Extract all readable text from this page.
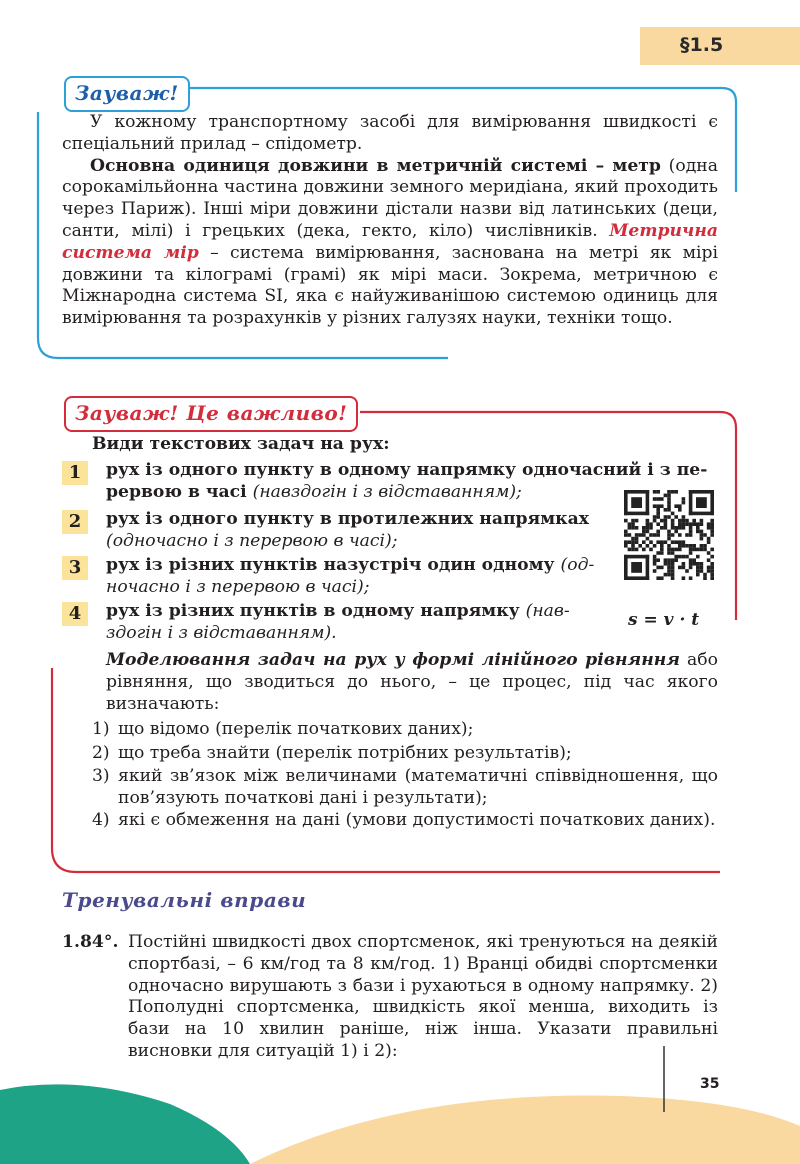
§1.5
Зауваж!

У кожному транспортному засобі для вимірювання швидкості є спеціальний прилад – спідометр.

Основна одиниця довжини в метричній системі – метр (одна сорокамільйонна частина довжини земного меридіана, який проходить через Париж). Інші міри довжини дістали назви від латинських (деци, санти, мілі) і грецьких (дека, гекто, кіло) числівників. Метрична система мір – система вимірювання, заснована на метрі як мірі довжини та кілограмі (грамі) як мірі маси. Зокрема, метричною є Міжнародна система SI, яка є найуживанішою системою одиниць для вимірювання та розрахунків у різних галузях науки, техніки тощо.

Зауваж! Це важливо!
Види текстових задач на рух:
1	рух із одного пункту в одному напрямку одночасний і з пе-
рервою в часі (навздогін і з відставанням);
2	рух із одного пункту в протилежних напрямках
(одночасно і з перервою в часі);
3	рух із різних пунктів назустріч один одному (од-
ночасно і з перервою в часі);
4	рух із різних пунктів в одному напрямку (нав-
здогін і з відставанням).
s = v · t

Моделювання задач на рух у формі лінійного рівняння або рівняння, що зводиться до нього, – це процес, під час якого визначають:

1) що відомо (перелік початкових даних);
2) що треба знайти (перелік потрібних результатів);
3) який зв’язок між величинами (математичні співвідношення, що пов’язують початкові дані і результати);
4) які є обмеження на дані (умови допустимості початкових даних).
Тренувальні вправи
1.84°. Постійні швидкості двох спортсменок, які тренуються на деякій спортбазі, – 6 км/год та 8 км/год. 1) Вранці обидві спортсменки одночасно вирушають з бази і рухаються в одному напрямку. 2) Пополудні спортсменка, швидкість якої менша, виходить із бази на 10 хвилин раніше, ніж інша. Указати правильні висновки для ситуацій 1) і 2):
35
